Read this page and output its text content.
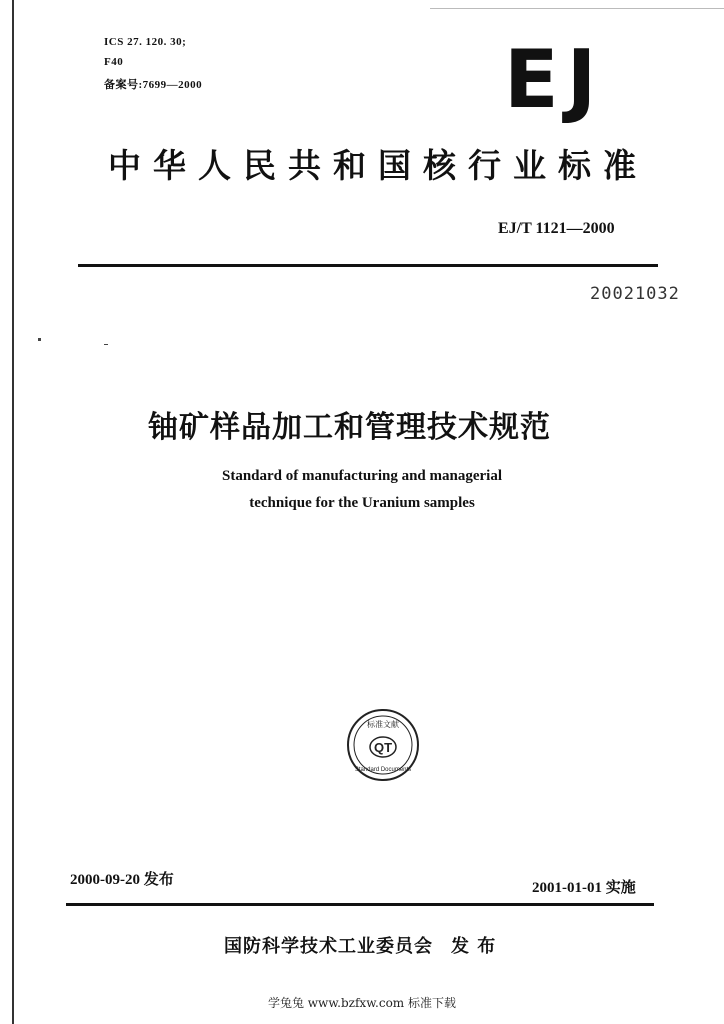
ICS 27. 120. 30;
F40
备案号:7699—2000	EJ
中华人民共和国核行业标准
EJ/T 1121—2000
20021032
铀矿样品加工和管理技术规范
Standard of manufacturing and managerial
technique for the Uranium samples
QT
标准文献
Standard Documents
2000-09-20 发布	2001-01-01 实施
国防科学技术工业委员会 发 布
学兔兔 www.bzfxw.com 标准下载
